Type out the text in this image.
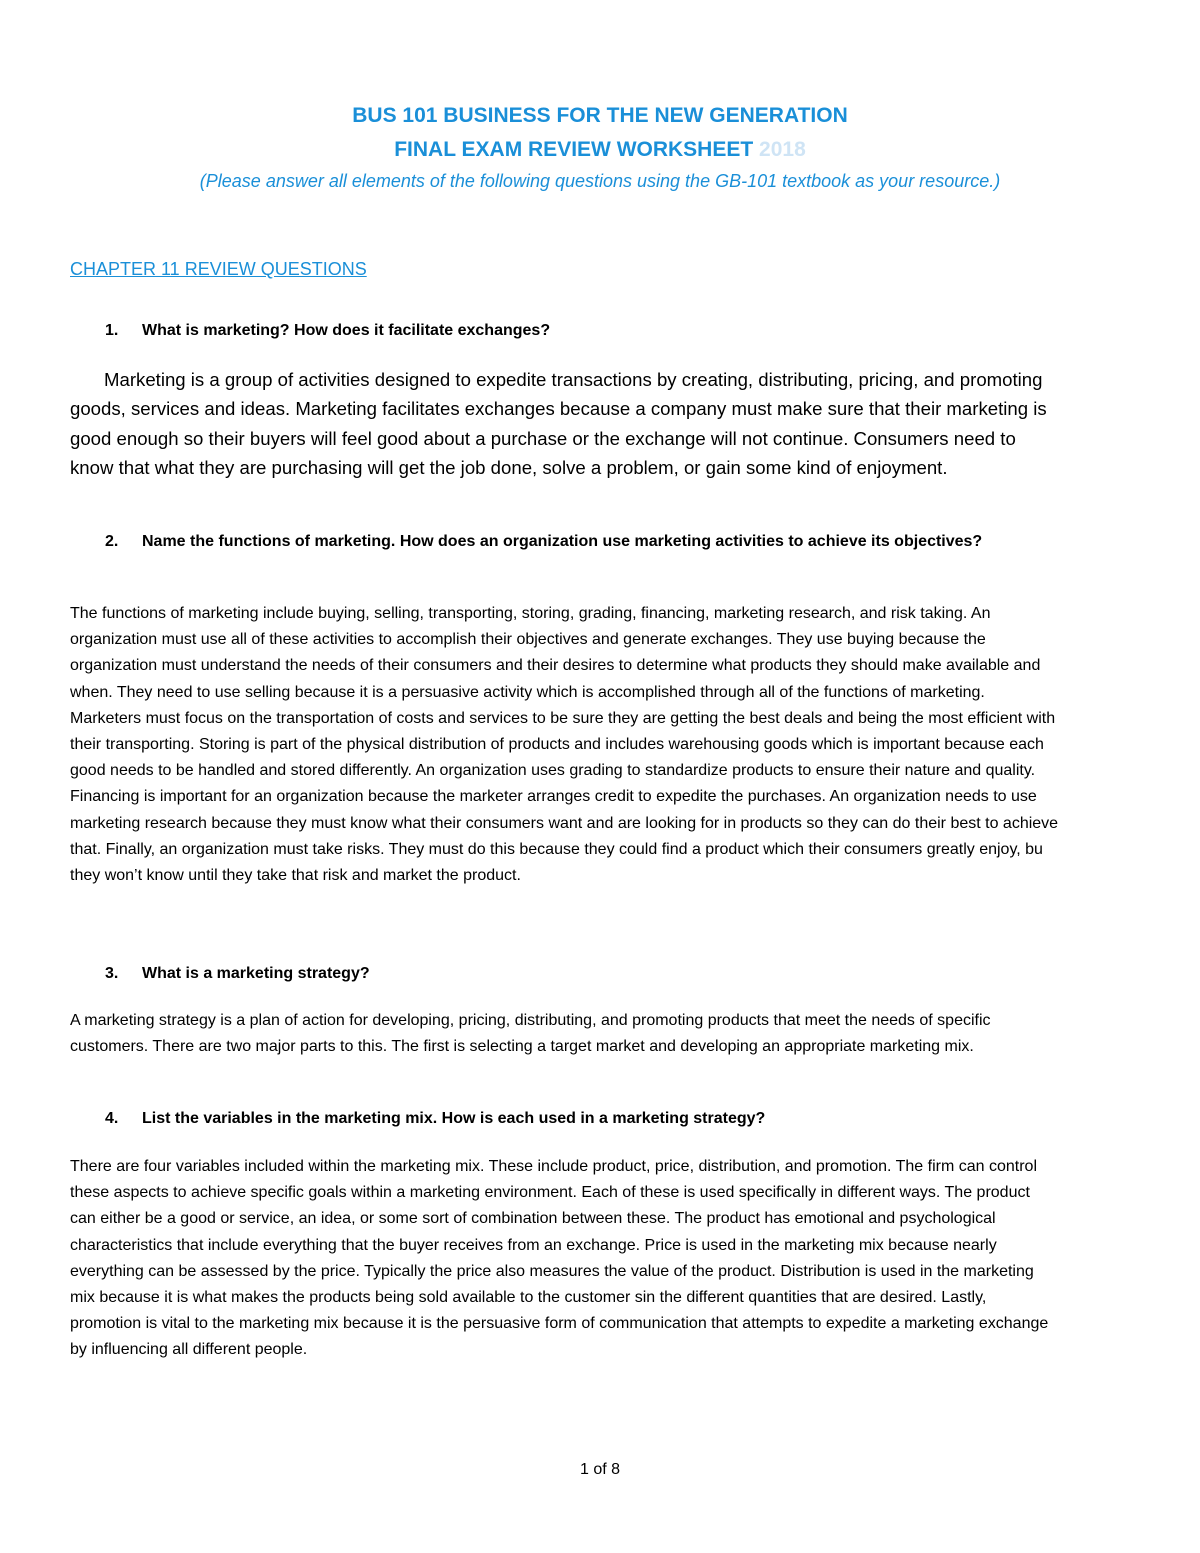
BUS 101 BUSINESS FOR THE NEW GENERATION
FINAL EXAM REVIEW WORKSHEET 2018
(Please answer all elements of the following questions using the GB-101 textbook as your resource.)
CHAPTER 11 REVIEW QUESTIONS
1. What is marketing? How does it facilitate exchanges?
Marketing is a group of activities designed to expedite transactions by creating, distributing, pricing, and promoting goods, services and ideas. Marketing facilitates exchanges because a company must make sure that their marketing is good enough so their buyers will feel good about a purchase or the exchange will not continue. Consumers need to know that what they are purchasing will get the job done, solve a problem, or gain some kind of enjoyment.
2. Name the functions of marketing. How does an organization use marketing activities to achieve its objectives?
The functions of marketing include buying, selling, transporting, storing, grading, financing, marketing research, and risk taking. An organization must use all of these activities to accomplish their objectives and generate exchanges. They use buying because the organization must understand the needs of their consumers and their desires to determine what products they should make available and when. They need to use selling because it is a persuasive activity which is accomplished through all of the functions of marketing. Marketers must focus on the transportation of costs and services to be sure they are getting the best deals and being the most efficient with their transporting. Storing is part of the physical distribution of products and includes warehousing goods which is important because each good needs to be handled and stored differently. An organization uses grading to standardize products to ensure their nature and quality. Financing is important for an organization because the marketer arranges credit to expedite the purchases. An organization needs to use marketing research because they must know what their consumers want and are looking for in products so they can do their best to achieve that. Finally, an organization must take risks. They must do this because they could find a product which their consumers greatly enjoy, bu they won’t know until they take that risk and market the product.
3. What is a marketing strategy?
A marketing strategy is a plan of action for developing, pricing, distributing, and promoting products that meet the needs of specific customers. There are two major parts to this. The first is selecting a target market and developing an appropriate marketing mix.
4. List the variables in the marketing mix. How is each used in a marketing strategy?
There are four variables included within the marketing mix. These include product, price, distribution, and promotion. The firm can control these aspects to achieve specific goals within a marketing environment. Each of these is used specifically in different ways. The product can either be a good or service, an idea, or some sort of combination between these. The product has emotional and psychological characteristics that include everything that the buyer receives from an exchange. Price is used in the marketing mix because nearly everything can be assessed by the price. Typically the price also measures the value of the product. Distribution is used in the marketing mix because it is what makes the products being sold available to the customer sin the different quantities that are desired. Lastly, promotion is vital to the marketing mix because it is the persuasive form of communication that attempts to expedite a marketing exchange by influencing all different people.
1 of 8
